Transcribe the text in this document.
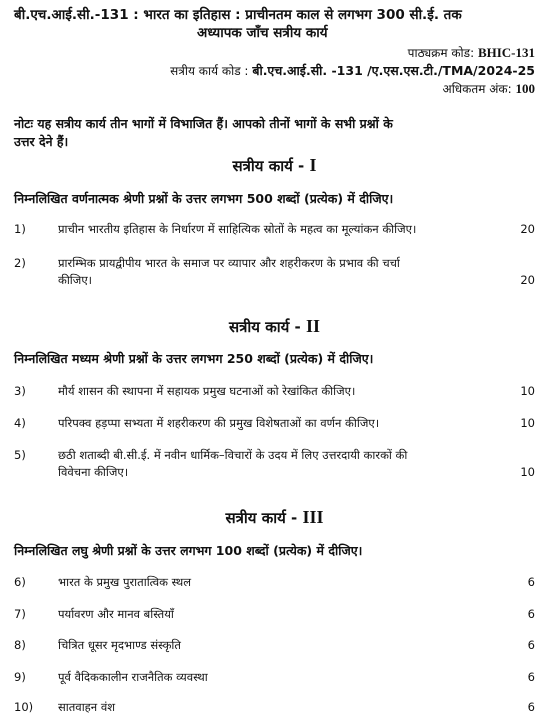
बी.एच.आई.सी.-131 : भारत का इतिहास : प्राचीनतम काल से लगभग 300 सी.ई. तक
अध्यापक जाँच सत्रीय कार्य
पाठ्यक्रम कोड: BHIC-131
सत्रीय कार्य कोड : बी.एच.आई.सी. -131 /ए.एस.एस.टी./TMA/2024-25
अधिकतम अंक: 100
नोटः यह सत्रीय कार्य तीन भागों में विभाजित हैं। आपको तीनों भागों के सभी प्रश्नों के
उत्तर देने हैं।
सत्रीय कार्य - I
निम्नलिखित वर्णनात्मक श्रेणी प्रश्नों के उत्तर लगभग 500 शब्दों (प्रत्येक) में दीजिए।
1)	प्राचीन भारतीय इतिहास के निर्धारण में साहित्यिक स्रोतों के महत्व का मूल्यांकन कीजिए।	20
2)	प्रारम्भिक प्रायद्वीपीय भारत के समाज पर व्यापार और शहरीकरण के प्रभाव की चर्चा
कीजिए।	20
सत्रीय कार्य - II
निम्नलिखित मध्यम श्रेणी प्रश्नों के उत्तर लगभग 250 शब्दों (प्रत्येक) में दीजिए।
3)	मौर्य शासन की स्थापना में सहायक प्रमुख घटनाओं को रेखांकित कीजिए।	10
4)	परिपक्व हड़प्पा सभ्यता में शहरीकरण की प्रमुख विशेषताओं का वर्णन कीजिए।	10
5)	छठी शताब्दी बी.सी.ई. में नवीन धार्मिक–विचारों के उदय में लिए उत्तरदायी कारकों की
विवेचना कीजिए।	10
सत्रीय कार्य - III
निम्नलिखित लघु श्रेणी प्रश्नों के उत्तर लगभग 100 शब्दों (प्रत्येक) में दीजिए।
6)	भारत के प्रमुख पुरातात्विक स्थल	6
7)	पर्यावरण और मानव बस्तियाँ	6
8)	चित्रित धूसर मृदभाण्ड संस्कृति	6
9)	पूर्व वैदिककालीन राजनैतिक व्यवस्था	6
10) सातवाहन वंश	6
